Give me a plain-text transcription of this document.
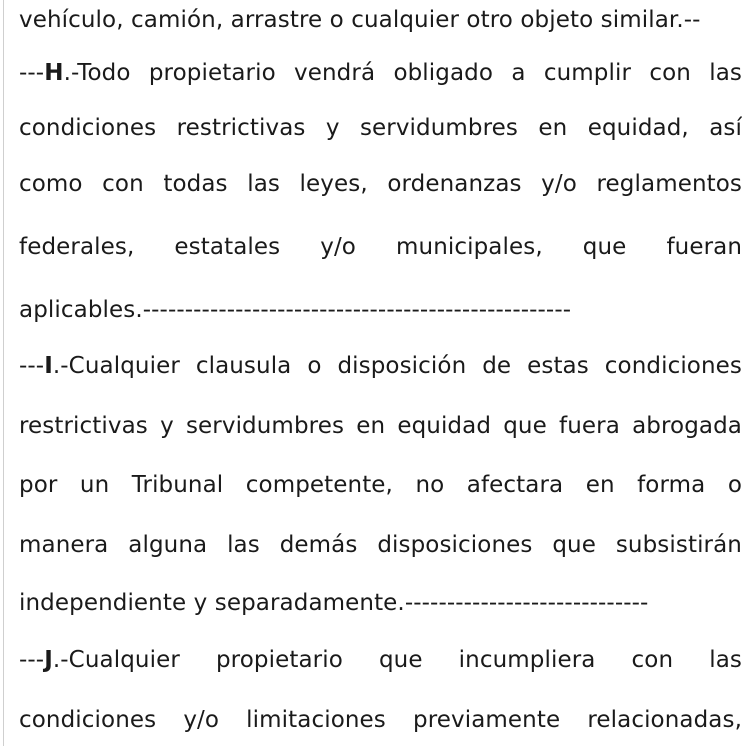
vehículo, camión, arrastre o cualquier otro objeto similar.--
---H.-Todo propietario vendrá obligado a cumplir con las
condiciones restrictivas y servidumbres en equidad, así
como con todas las leyes, ordenanzas y/o reglamentos
federales, estatales y/o municipales, que fueran
aplicables.---------------------------------------------------
---I.-Cualquier clausula o disposición de estas condiciones
restrictivas y servidumbres en equidad que fuera abrogada
por un Tribunal competente, no afectara en forma o
manera alguna las demás disposiciones que subsistirán
independiente y separadamente.-----------------------------
---J.-Cualquier propietario que incumpliera con las
condiciones y/o limitaciones previamente relacionadas,
